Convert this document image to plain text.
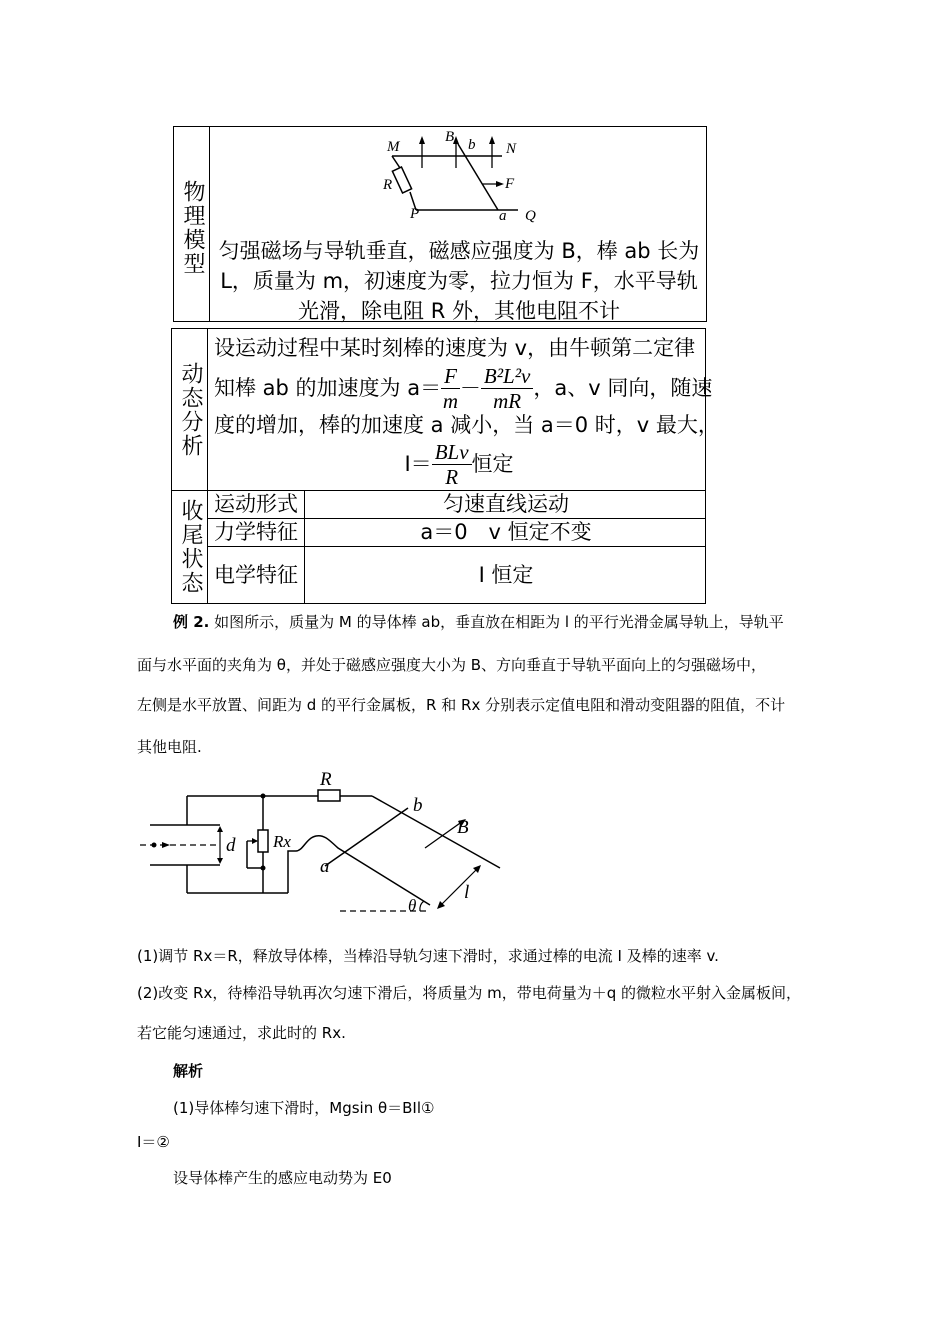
物理模型
M
B b N
R	F
P	a Q
匀强磁场与导轨垂直，磁感应强度为 B，棒 ab 长为
L，质量为 m，初速度为零，拉力恒为 F，水平导轨
光滑，除电阻 R 外，其他电阻不计
动态分析
设运动过程中某时刻棒的速度为 v，由牛顿第二定律
知棒 ab 的加速度为 $a= \frac{F}{m} - \frac{\text{B²L²v}}{mR}$ ，a、v 同向，随速
度的增加，棒的加速度 a 减小，当 a＝0 时，v 最大，
$I= \frac{\text{BLv}}{R}$ 恒定
收尾状态 运动形式	匀速直线运动
力学特征	a＝0　v 恒定不变
电学特征	I 恒定
例 2. 如图所示，质量为 M 的导体棒 ab，垂直放在相距为 l 的平行光滑金属导轨上，导轨平
面与水平面的夹角为 θ，并处于磁感应强度大小为 B、方向垂直于导轨平面向上的匀强磁场中，
左侧是水平放置、间距为 d 的平行金属板，R 和 Rx 分别表示定值电阻和滑动变阻器的阻值，不计
其他电阻.
R
b
B
d Rx
a
l
θ
(1)调节 Rx＝R，释放导体棒，当棒沿导轨匀速下滑时，求通过棒的电流 I 及棒的速率 v.
(2)改变 Rx，待棒沿导轨再次匀速下滑后，将质量为 m，带电荷量为＋q 的微粒水平射入金属板间，
若它能匀速通过，求此时的 Rx.
解析
(1)导体棒匀速下滑时，Mgsin θ＝BIl①
I＝②
设导体棒产生的感应电动势为 E0
